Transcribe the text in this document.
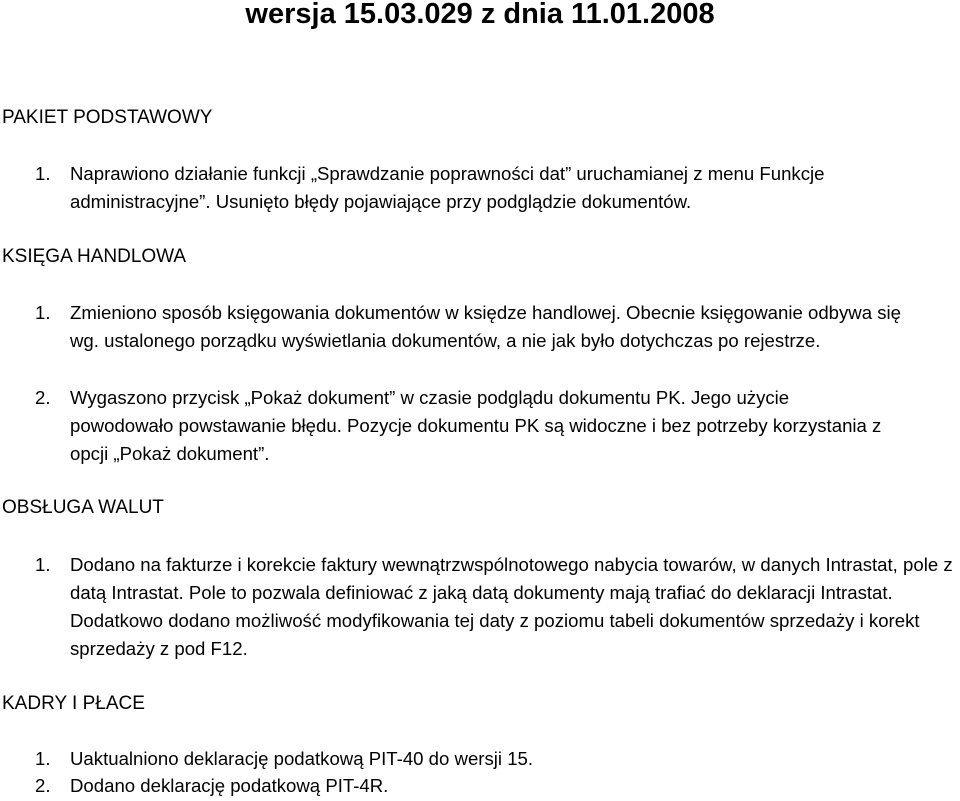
wersja 15.03.029 z dnia 11.01.2008

PAKIET PODSTAWOWY

1. Naprawiono działanie funkcji „Sprawdzanie poprawności dat” uruchamianej z menu Funkcje administracyjne”. Usunięto błędy pojawiające przy podglądzie dokumentów.

KSIĘGA HANDLOWA

1. Zmieniono sposób księgowania dokumentów w księdze handlowej. Obecnie księgowanie odbywa się wg. ustalonego porządku wyświetlania dokumentów, a nie jak było dotychczas po rejestrze.
2. Wygaszono przycisk „Pokaż dokument” w czasie podglądu dokumentu PK. Jego użycie powodowało powstawanie błędu. Pozycje dokumentu PK są widoczne i bez potrzeby korzystania z opcji „Pokaż dokument”.

OBSŁUGA WALUT

1. Dodano na fakturze i korekcie faktury wewnątrzwspólnotowego nabycia towarów, w danych Intrastat, pole z datą Intrastat. Pole to pozwala definiować z jaką datą dokumenty mają trafiać do deklaracji Intrastat. Dodatkowo dodano możliwość modyfikowania tej daty z poziomu tabeli dokumentów sprzedaży i korekt sprzedaży z pod F12.

KADRY I PŁACE

1. Uaktualniono deklarację podatkową PIT-40 do wersji 15.
2. Dodano deklarację podatkową PIT-4R.
